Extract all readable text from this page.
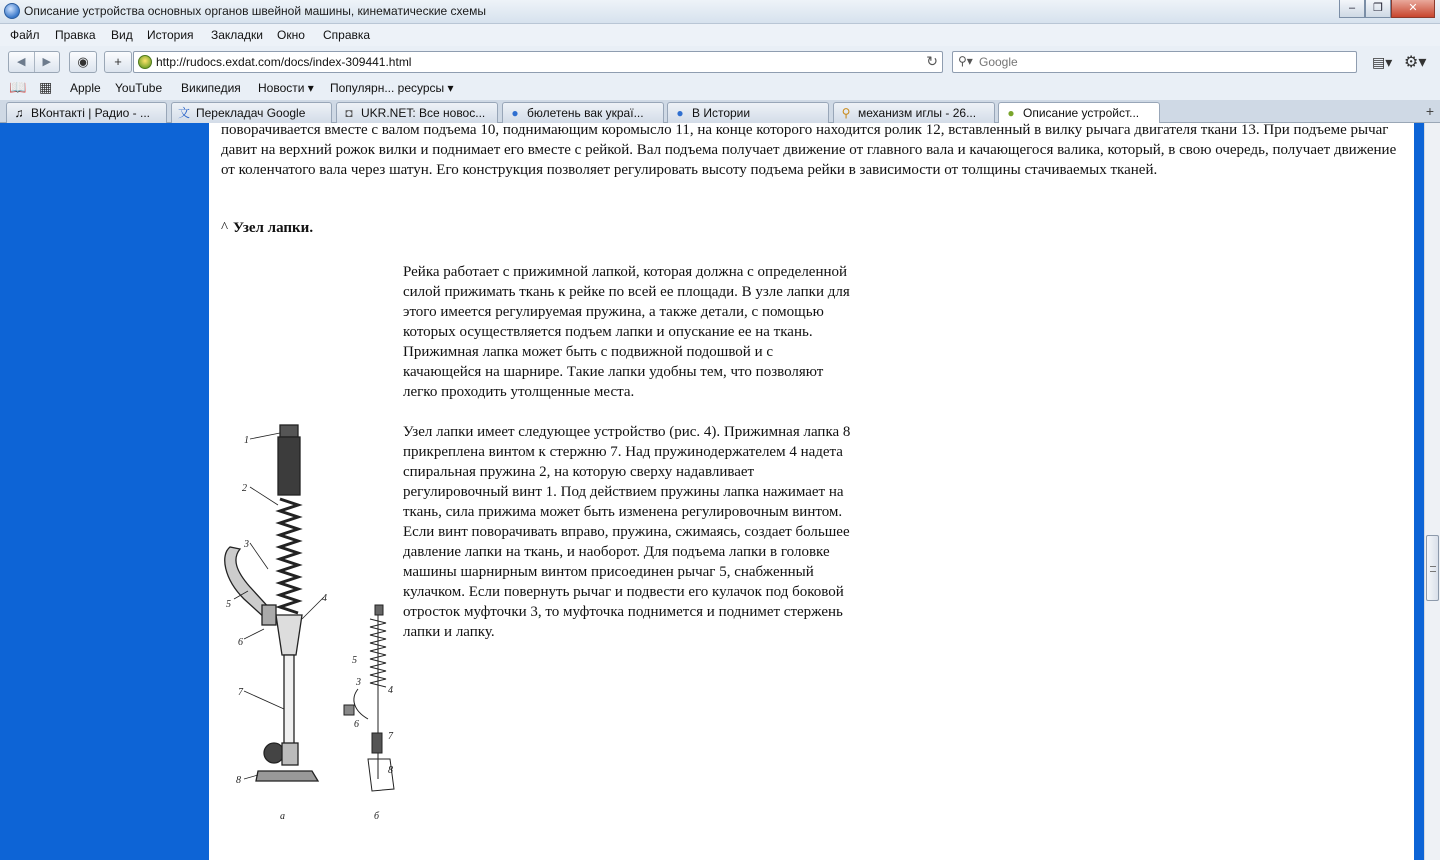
Описание устройства основных органов швейной машины, кинематические схемы	–	❐	✕
Файл Правка Вид История Закладки Окно Справка
◀	▶	◉	+	http://rudocs.exdat.com/docs/index-309441.html	↻ ⚲▾
Google	▤▾ ⚙▾
📖 ▦ Apple YouTube Википедия Новости ▾ Популярн... ресурсы ▾
♫ ВКонтакті | Радио - ... 文 Перекладач Google	◘ UKR.NET: Все новос... ● бюлетень вак украї...	● В Истории	⚲ механизм иглы - 26...	● Описание устройст...	+

поворачивается вместе с валом подъема 10, поднимающим коромысло 11, на конце которого находится ролик 12, вставленный в вилку рычага двигателя ткани 13. При подъеме рычаг давит на верхний рожок вилки и поднимает его вместе с рейкой. Вал подъема получает движение от главного вала и качающегося валика, который, в свою очередь, получает движение от коленчатого вала через шатун. Его конструкция позволяет регулировать высоту подъема рейки в зависимости от толщины стачиваемых тканей.

^ Узел лапки.

Рейка работает с прижимной лапкой, которая должна с определенной силой прижимать ткань к рейке по всей ее площади. В узле лапки для этого имеется регулируемая пружина, а также детали, с помощью которых осуществляется подъем лапки и опускание ее на ткань. Прижимная лапка может быть с подвижной подошвой и с качающейся на шарнире. Такие лапки удобны тем, что позволяют легко проходить утолщенные места.

Узел лапки имеет следующее устройство (рис. 4). Прижимная лапка 8 прикреплена винтом к стержню 7. Над пружинодержателем 4 надета спиральная пружина 2, на которую сверху надавливает регулировочный винт 1. Под действием пружины лапка нажимает на ткань, сила прижима может быть изменена регулировочным винтом. Если винт поворачивать вправо, пружина, сжимаясь, создает большее давление лапки на ткань, и наоборот. Для подъема лапки в головке машины шарнирным винтом присоединен рычаг 5, снабженный кулачком. Если повернуть рычаг и подвести его кулачок под боковой отросток муфточки 3, то муфточка поднимется и поднимет стержень лапки и лапку.

1
2
3
5
4
6
7
8
5
3
4
6
7
8
а	б
